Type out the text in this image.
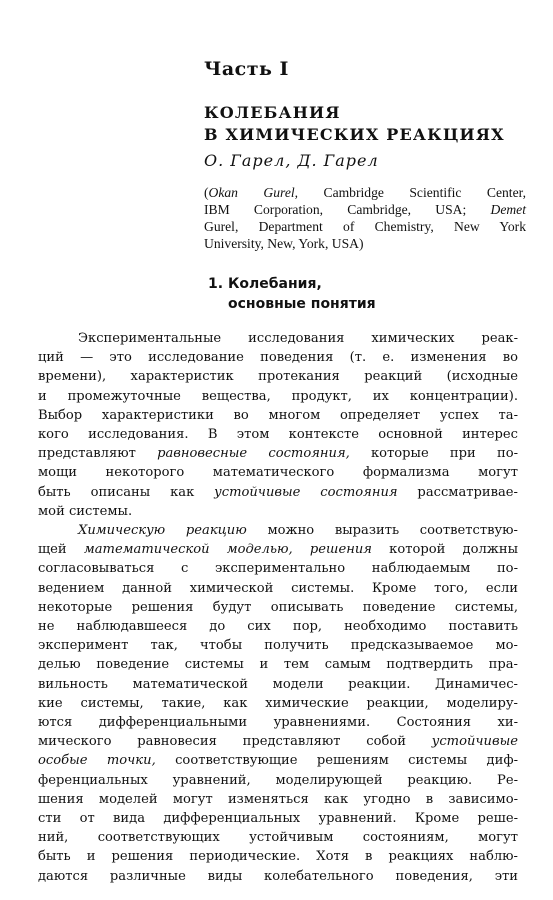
Часть I
КОЛЕБАНИЯ
В ХИМИЧЕСКИХ РЕАКЦИЯХ
О. Гарел, Д. Гарел
(Okan Gurel, Cambridge Scientific Center,
IBM Corporation, Cambridge, USA; Demet
Gurel, Department of Chemistry, New York
University, New, York, USA)
1. Колебания,
основные понятия
Экспериментальные исследования химических реак-
ций — это исследование поведения (т. е. изменения во
времени), характеристик протекания реакций (исходные
и промежуточные вещества, продукт, их концентрации).
Выбор характеристики во многом определяет успех та-
кого исследования. В этом контексте основной интерес
представляют равновесные состояния, которые при по-
мощи некоторого математического формализма могут
быть описаны как устойчивые состояния рассматривае-
мой системы.
Химическую реакцию можно выразить соответствую-
щей математической моделью, решения которой должны
согласовываться с экспериментально наблюдаемым по-
ведением данной химической системы. Кроме того, если
некоторые решения будут описывать поведение системы,
не наблюдавшееся до сих пор, необходимо поставить
эксперимент так, чтобы получить предсказываемое мо-
делью поведение системы и тем самым подтвердить пра-
вильность математической модели реакции. Динамичес-
кие системы, такие, как химические реакции, моделиру-
ются дифференциальными уравнениями. Состояния хи-
мического равновесия представляют собой устойчивые
особые точки, соответствующие решениям системы диф-
ференциальных уравнений, моделирующей реакцию. Ре-
шения моделей могут изменяться как угодно в зависимо-
сти от вида дифференциальных уравнений. Кроме реше-
ний, соответствующих устойчивым состояниям, могут
быть и решения периодические. Хотя в реакциях наблю-
даются различные виды колебательного поведения, эти
